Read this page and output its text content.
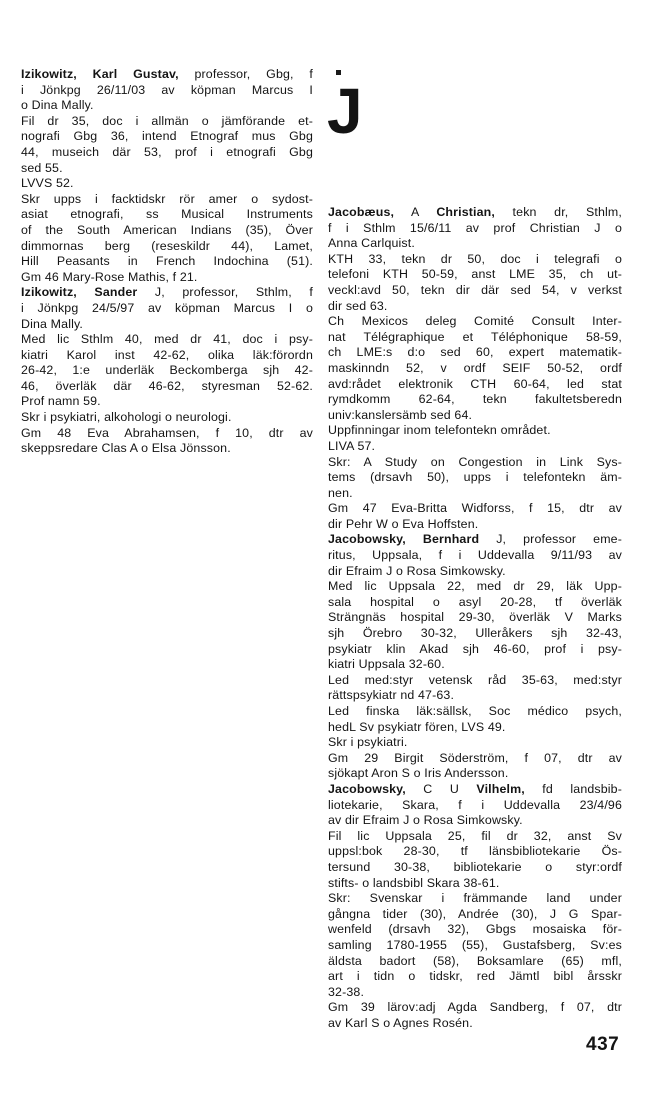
J
Izikowitz, Karl Gustav, professor, Gbg, f
i Jönkpg 26/11/03 av köpman Marcus I
o Dina Mally.
Fil dr 35, doc i allmän o jämförande et-
nografi Gbg 36, intend Etnograf mus Gbg
44, museich där 53, prof i etnografi Gbg
sed 55.
LVVS 52.
Skr upps i facktidskr rör amer o sydost-
asiat etnografi, ss Musical Instruments
of the South American Indians (35), Över
dimmornas berg (reseskildr 44), Lamet,
Hill Peasants in French Indochina (51).
Gm 46 Mary-Rose Mathis, f 21.
Izikowitz, Sander J, professor, Sthlm, f
i Jönkpg 24/5/97 av köpman Marcus I o
Dina Mally.
Med lic Sthlm 40, med dr 41, doc i psy-
kiatri Karol inst 42-62, olika läk:förordn
26-42, 1:e underläk Beckomberga sjh 42-
46, överläk där 46-62, styresman 52-62.
Prof namn 59.
Skr i psykiatri, alkohologi o neurologi.
Gm 48 Eva Abrahamsen, f 10, dtr av
skeppsredare Clas A o Elsa Jönsson.
Jacobæus, A Christian, tekn dr, Sthlm,
f i Sthlm 15/6/11 av prof Christian J o
Anna Carlquist.
KTH 33, tekn dr 50, doc i telegrafi o
telefoni KTH 50-59, anst LME 35, ch ut-
veckl:avd 50, tekn dir där sed 54, v verkst
dir sed 63.
Ch Mexicos deleg Comité Consult Inter-
nat Télégraphique et Téléphonique 58-59,
ch LME:s d:o sed 60, expert matematik-
maskinndn 52, v ordf SEIF 50-52, ordf
avd:rådet elektronik CTH 60-64, led stat
rymdkomm 62-64, tekn fakultetsberedn
univ:kanslersämb sed 64.
Uppfinningar inom telefontekn området.
LIVA 57.
Skr: A Study on Congestion in Link Sys-
tems (drsavh 50), upps i telefontekn äm-
nen.
Gm 47 Eva-Britta Widforss, f 15, dtr av
dir Pehr W o Eva Hoffsten.
Jacobowsky, Bernhard J, professor eme-
ritus, Uppsala, f i Uddevalla 9/11/93 av
dir Efraim J o Rosa Simkowsky.
Med lic Uppsala 22, med dr 29, läk Upp-
sala hospital o asyl 20-28, tf överläk
Strängnäs hospital 29-30, överläk V Marks
sjh Örebro 30-32, Ulleråkers sjh 32-43,
psykiatr klin Akad sjh 46-60, prof i psy-
kiatri Uppsala 32-60.
Led med:styr vetensk råd 35-63, med:styr
rättspsykiatr nd 47-63.
Led finska läk:sällsk, Soc médico psych,
hedL Sv psykiatr fören, LVS 49.
Skr i psykiatri.
Gm 29 Birgit Söderström, f 07, dtr av
sjökapt Aron S o Iris Andersson.
Jacobowsky, C U Vilhelm, fd landsbib-
liotekarie, Skara, f i Uddevalla 23/4/96
av dir Efraim J o Rosa Simkowsky.
Fil lic Uppsala 25, fil dr 32, anst Sv
uppsl:bok 28-30, tf länsbibliotekarie Ös-
tersund 30-38, bibliotekarie o styr:ordf
stifts- o landsbibl Skara 38-61.
Skr: Svenskar i främmande land under
gångna tider (30), Andrée (30), J G Spar-
wenfeld (drsavh 32), Gbgs mosaiska för-
samling 1780-1955 (55), Gustafsberg, Sv:es
äldsta badort (58), Boksamlare (65) mfl,
art i tidn o tidskr, red Jämtl bibl årsskr
32-38.
Gm 39 lärov:adj Agda Sandberg, f 07, dtr
av Karl S o Agnes Rosén.
437
